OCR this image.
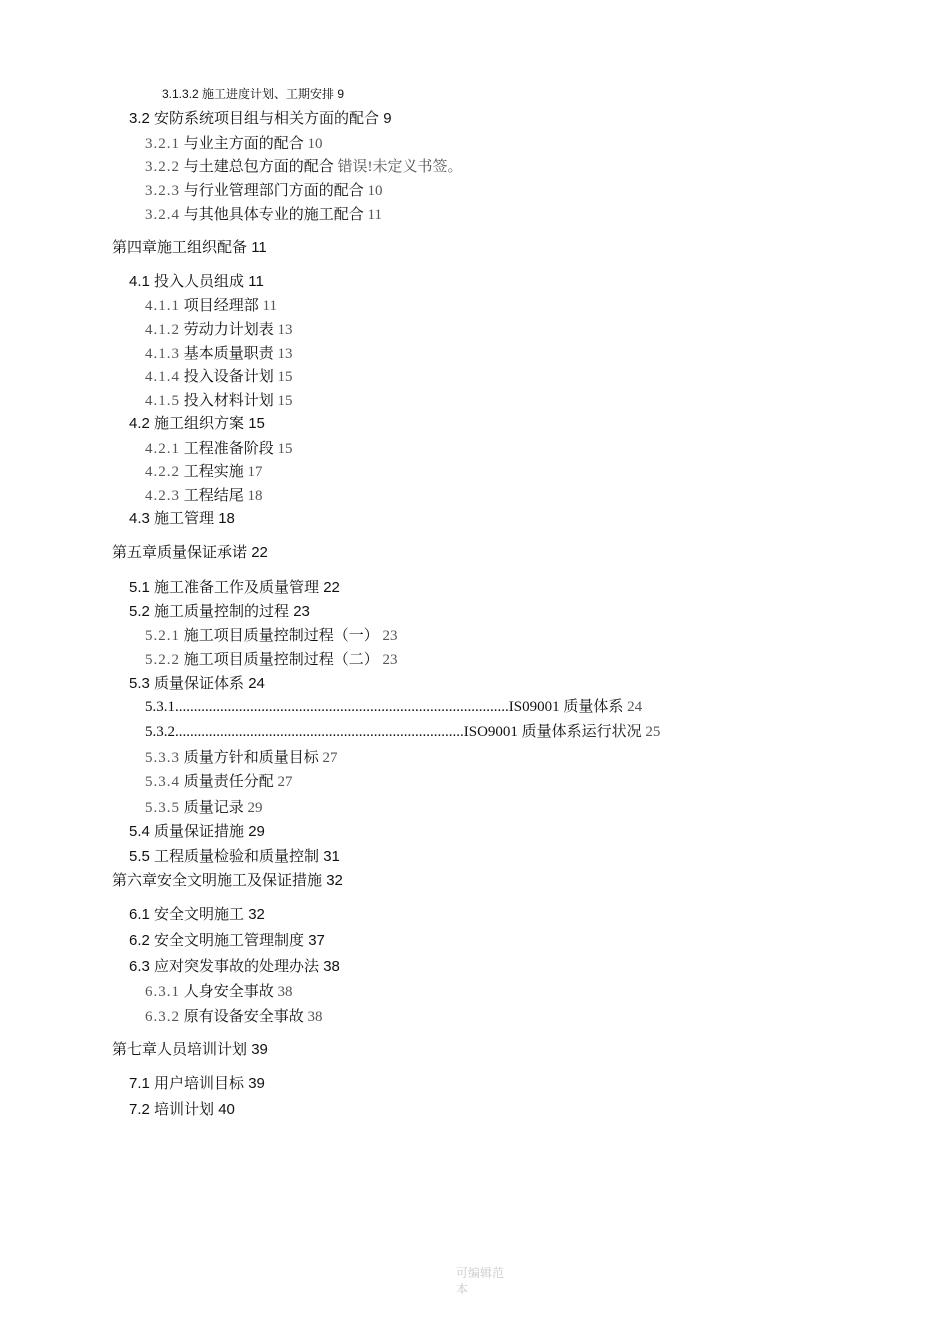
3.1.3.2 施工进度计划、工期安排 9
3.2 安防系统项目组与相关方面的配合 9
3.2.1 与业主方面的配合 10
3.2.2 与土建总包方面的配合 错误!未定义书签。
3.2.3 与行业管理部门方面的配合 10
3.2.4 与其他具体专业的施工配合 11
第四章施工组织配备 11
4.1 投入人员组成 11
4.1.1 项目经理部 11
4.1.2 劳动力计划表 13
4.1.3 基本质量职责 13
4.1.4 投入设备计划 15
4.1.5 投入材料计划 15
4.2 施工组织方案 15
4.2.1 工程准备阶段 15
4.2.2 工程实施 17
4.2.3 工程结尾 18
4.3 施工管理 18
第五章质量保证承诺 22
5.1 施工准备工作及质量管理 22
5.2 施工质量控制的过程 23
5.2.1 施工项目质量控制过程（一） 23
5.2.2 施工项目质量控制过程（二） 23
5.3 质量保证体系 24
5.3.1.........................................................................................IS09001 质量体系 24
5.3.2.............................................................................ISO9001 质量体系运行状况 25
5.3.3 质量方针和质量目标 27
5.3.4 质量责任分配 27
5.3.5 质量记录 29
5.4 质量保证措施 29
5.5 工程质量检验和质量控制 31
第六章安全文明施工及保证措施 32
6.1 安全文明施工 32
6.2 安全文明施工管理制度 37
6.3 应对突发事故的处理办法 38
6.3.1 人身安全事故 38
6.3.2 原有设备安全事故 38
第七章人员培训计划 39
7.1 用户培训目标 39
7.2 培训计划 40
可编辑范
本
